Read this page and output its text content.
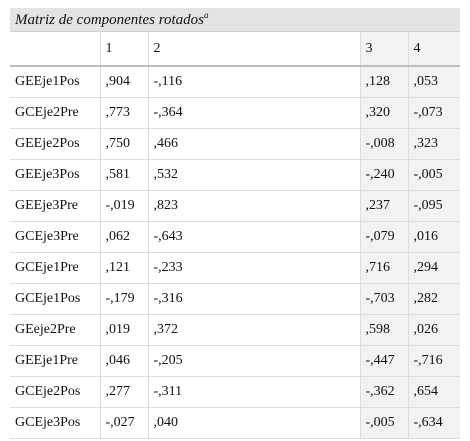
Matriz de componentes rotados$^a$
	1	2	3	4
GEEje1Pos	,904	-,116	,128	,053
GCEje2Pre	,773	-,364	,320	-,073
GEEje2Pos	,750	,466	-,008	,323
GEEje3Pos	,581	,532	-,240	-,005
GEEje3Pre	-,019	,823	,237	-,095
GCEje3Pre	,062	-,643	-,079	,016
GCEje1Pre	,121	-,233	,716	,294
GCEje1Pos	-,179	-,316	-,703	,282
GEeje2Pre	,019	,372	,598	,026
GEEje1Pre	,046	-,205	-,447	-,716
GCEje2Pos	,277	-,311	-,362	,654
GCEje3Pos	-,027	,040	-,005	-,634
